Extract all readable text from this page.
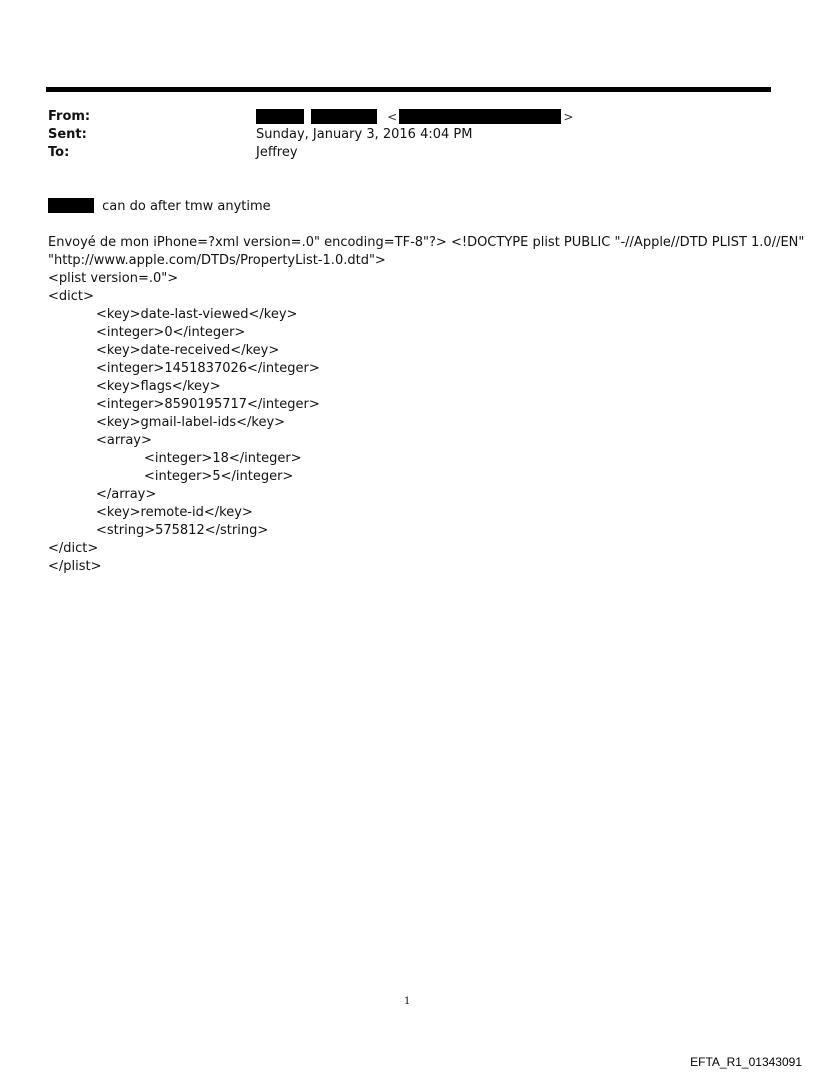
From:	<	>
Sent:	Sunday, January 3, 2016 4:04 PM
To:	Jeffrey
can do after tmw anytime
Envoyé de mon iPhone=?xml version=.0" encoding=TF-8"?> <!DOCTYPE plist PUBLIC "-//Apple//DTD PLIST 1.0//EN"
"http://www.apple.com/DTDs/PropertyList-1.0.dtd">
<plist version=.0">
<dict>
<key>date-last-viewed</key>
<integer>0</integer>
<key>date-received</key>
<integer>1451837026</integer>
<key>flags</key>
<integer>8590195717</integer>
<key>gmail-label-ids</key>
<array>
<integer>18</integer>
<integer>5</integer>
</array>
<key>remote-id</key>
<string>575812</string>
</dict>
</plist>
1
EFTA_R1_01343091
